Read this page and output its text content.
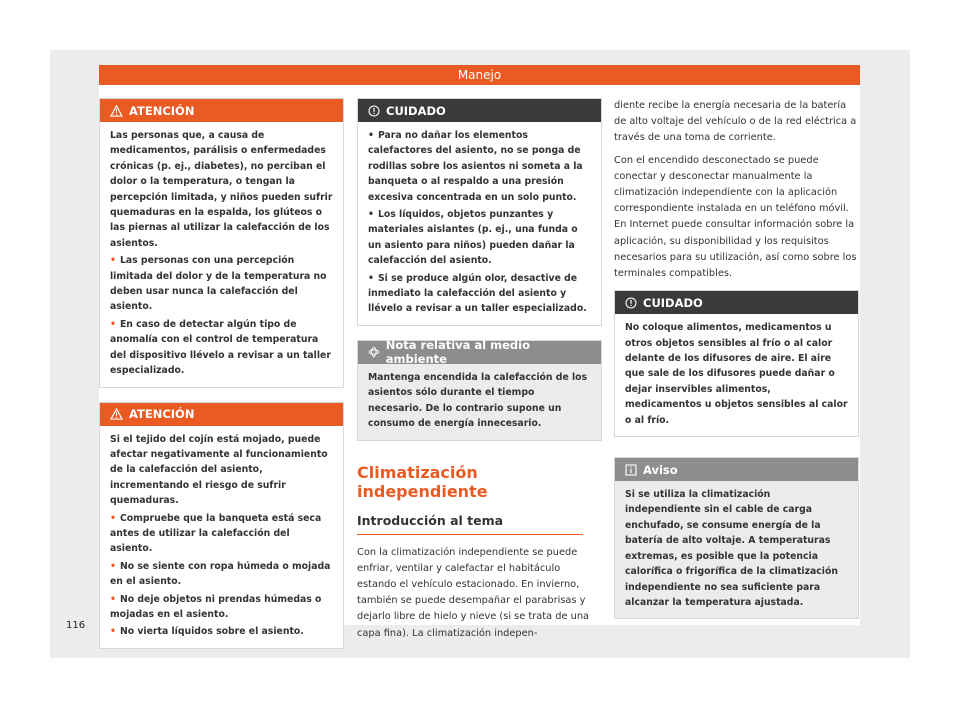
Manejo
ATENCIÓN

Las personas que, a causa de medicamentos, parálisis o enfermedades crónicas (p. ej., diabetes), no perciban el dolor o la temperatura, o tengan la percepción limitada, y niños pueden sufrir quemaduras en la espalda, los glúteos o las piernas al utilizar la calefacción de los asientos.

• Las personas con una percepción limitada del dolor y de la temperatura no deben usar nunca la calefacción del asiento.

• En caso de detectar algún tipo de anomalía con el control de temperatura del dispositivo llévelo a revisar a un taller especializado.

ATENCIÓN

Si el tejido del cojín está mojado, puede afectar negativamente al funcionamiento de la calefacción del asiento, incrementando el riesgo de sufrir quemaduras.

• Compruebe que la banqueta está seca antes de utilizar la calefacción del asiento.

• No se siente con ropa húmeda o mojada en el asiento.

• No deje objetos ni prendas húmedas o mojadas en el asiento.

• No vierta líquidos sobre el asiento.

CUIDADO

• Para no dañar los elementos calefactores del asiento, no se ponga de rodillas sobre los asientos ni someta a la banqueta o al respaldo a una presión excesiva concentrada en un solo punto.

• Los líquidos, objetos punzantes y materiales aislantes (p. ej., una funda o un asiento para niños) pueden dañar la calefacción del asiento.

• Si se produce algún olor, desactive de inmediato la calefacción del asiento y llévelo a revisar a un taller especializado.

Nota relativa al medio ambiente

Mantenga encendida la calefacción de los asientos sólo durante el tiempo necesario. De lo contrario supone un consumo de energía innecesario.

Climatización independiente
Introducción al tema

Con la climatización independiente se puede enfriar, ventilar y calefactar el habitáculo estando el vehículo estacionado. En invierno, también se puede desempañar el parabrisas y dejarlo libre de hielo y nieve (si se trata de una capa fina). La climatización indepen-

diente recibe la energía necesaria de la batería de alto voltaje del vehículo o de la red eléctrica a través de una toma de corriente.

Con el encendido desconectado se puede conectar y desconectar manualmente la climatización independiente con la aplicación correspondiente instalada en un teléfono móvil. En Internet puede consultar información sobre la aplicación, su disponibilidad y los requisitos necesarios para su utilización, así como sobre los terminales compatibles.

CUIDADO

No coloque alimentos, medicamentos u otros objetos sensibles al frío o al calor delante de los difusores de aire. El aire que sale de los difusores puede dañar o dejar inservibles alimentos, medicamentos u objetos sensibles al calor o al frío.

Aviso

Si se utiliza la climatización independiente sin el cable de carga enchufado, se consume energía de la batería de alto voltaje. A temperaturas extremas, es posible que la potencia calorífica o frigorífica de la climatización independiente no sea suficiente para alcanzar la temperatura ajustada.

116
